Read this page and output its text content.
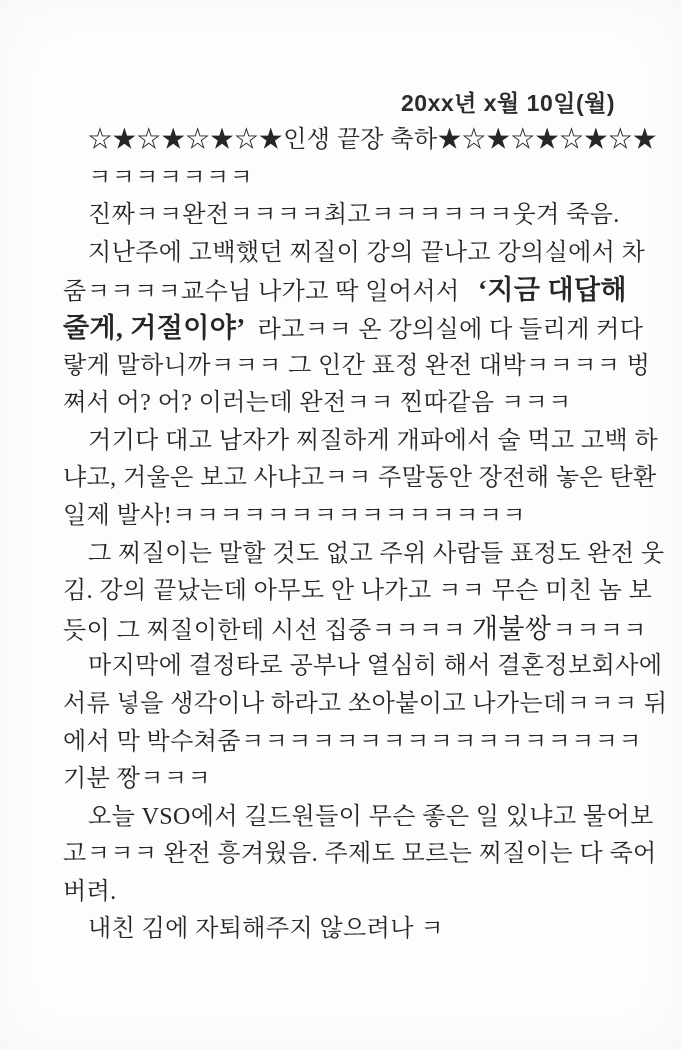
20xx년 x월 10일(월)
☆★☆★☆★☆★인생 끝장 축하★☆★☆★☆★☆★
ㅋㅋㅋㅋㅋㅋㅋ
진짜ㅋㅋ완전ㅋㅋㅋㅋ최고ㅋㅋㅋㅋㅋㅋ웃겨 죽음.
지난주에 고백했던 찌질이 강의 끝나고 강의실에서 차
줌ㅋㅋㅋㅋ교수님 나가고 딱 일어서서 ‘지금 대답해
줄게, 거절이야’ 라고ㅋㅋ 온 강의실에 다 들리게 커다
랗게 말하니까ㅋㅋㅋ 그 인간 표정 완전 대박ㅋㅋㅋㅋ 벙
쪄서 어? 어? 이러는데 완전ㅋㅋ 찐따같음 ㅋㅋㅋ
거기다 대고 남자가 찌질하게 개파에서 술 먹고 고백 하
냐고, 거울은 보고 사냐고ㅋㅋ 주말동안 장전해 놓은 탄환
일제 발사!ㅋㅋㅋㅋㅋㅋㅋㅋㅋㅋㅋㅋㅋㅋㅋ
그 찌질이는 말할 것도 없고 주위 사람들 표정도 완전 웃
김. 강의 끝났는데 아무도 안 나가고 ㅋㅋ 무슨 미친 놈 보
듯이 그 찌질이한테 시선 집중ㅋㅋㅋㅋ 개불쌍ㅋㅋㅋㅋ
마지막에 결정타로 공부나 열심히 해서 결혼정보회사에
서류 넣을 생각이나 하라고 쏘아붙이고 나가는데ㅋㅋㅋ 뒤
에서 막 박수쳐줌ㅋㅋㅋㅋㅋㅋㅋㅋㅋㅋㅋㅋㅋㅋㅋㅋㅋ
기분 짱ㅋㅋㅋ
오늘 VSO에서 길드원들이 무슨 좋은 일 있냐고 물어보
고ㅋㅋㅋ 완전 흥겨웠음. 주제도 모르는 찌질이는 다 죽어
버려.
내친 김에 자퇴해주지 않으려나 ㅋ
